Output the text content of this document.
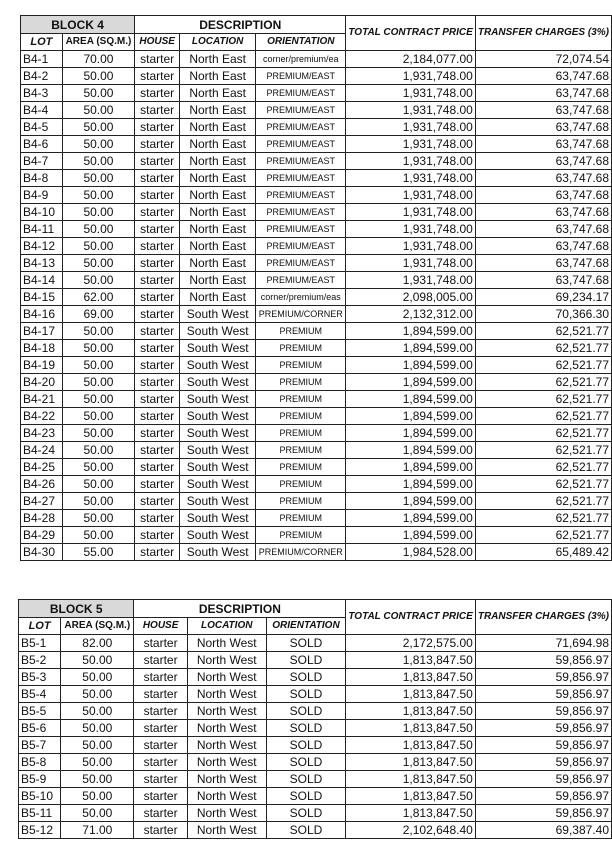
BLOCK 4		DESCRIPTION			TOTAL CONTRACT PRICE	TRANSFER CHARGES (3%)
LOT	AREA (SQ.M.)	HOUSE	LOCATION	ORIENTATION		
B4-1	70.00	starter	North East	corner/premium/ea	2,184,077.00	72,074.54
B4-2	50.00	starter	North East	PREMIUM/EAST	1,931,748.00	63,747.68
B4-3	50.00	starter	North East	PREMIUM/EAST	1,931,748.00	63,747.68
B4-4	50.00	starter	North East	PREMIUM/EAST	1,931,748.00	63,747.68
B4-5	50.00	starter	North East	PREMIUM/EAST	1,931,748.00	63,747.68
B4-6	50.00	starter	North East	PREMIUM/EAST	1,931,748.00	63,747.68
B4-7	50.00	starter	North East	PREMIUM/EAST	1,931,748.00	63,747.68
B4-8	50.00	starter	North East	PREMIUM/EAST	1,931,748.00	63,747.68
B4-9	50.00	starter	North East	PREMIUM/EAST	1,931,748.00	63,747.68
B4-10	50.00	starter	North East	PREMIUM/EAST	1,931,748.00	63,747.68
B4-11	50.00	starter	North East	PREMIUM/EAST	1,931,748.00	63,747.68
B4-12	50.00	starter	North East	PREMIUM/EAST	1,931,748.00	63,747.68
B4-13	50.00	starter	North East	PREMIUM/EAST	1,931,748.00	63,747.68
B4-14	50.00	starter	North East	PREMIUM/EAST	1,931,748.00	63,747.68
B4-15	62.00	starter	North East	corner/premium/eas	2,098,005.00	69,234.17
B4-16	69.00	starter	South West	PREMIUM/CORNER	2,132,312.00	70,366.30
B4-17	50.00	starter	South West	PREMIUM	1,894,599.00	62,521.77
B4-18	50.00	starter	South West	PREMIUM	1,894,599.00	62,521.77
B4-19	50.00	starter	South West	PREMIUM	1,894,599.00	62,521.77
B4-20	50.00	starter	South West	PREMIUM	1,894,599.00	62,521.77
B4-21	50.00	starter	South West	PREMIUM	1,894,599.00	62,521.77
B4-22	50.00	starter	South West	PREMIUM	1,894,599.00	62,521.77
B4-23	50.00	starter	South West	PREMIUM	1,894,599.00	62,521.77
B4-24	50.00	starter	South West	PREMIUM	1,894,599.00	62,521.77
B4-25	50.00	starter	South West	PREMIUM	1,894,599.00	62,521.77
B4-26	50.00	starter	South West	PREMIUM	1,894,599.00	62,521.77
B4-27	50.00	starter	South West	PREMIUM	1,894,599.00	62,521.77
B4-28	50.00	starter	South West	PREMIUM	1,894,599.00	62,521.77
B4-29	50.00	starter	South West	PREMIUM	1,894,599.00	62,521.77
B4-30	55.00	starter	South West	PREMIUM/CORNER	1,984,528.00	65,489.42
BLOCK 5		DESCRIPTION			TOTAL CONTRACT PRICE	TRANSFER CHARGES (3%)
LOT	AREA (SQ.M.)	HOUSE	LOCATION	ORIENTATION		
B5-1	82.00	starter	North West	SOLD	2,172,575.00	71,694.98
B5-2	50.00	starter	North West	SOLD	1,813,847.50	59,856.97
B5-3	50.00	starter	North West	SOLD	1,813,847.50	59,856.97
B5-4	50.00	starter	North West	SOLD	1,813,847.50	59,856.97
B5-5	50.00	starter	North West	SOLD	1,813,847.50	59,856.97
B5-6	50.00	starter	North West	SOLD	1,813,847.50	59,856.97
B5-7	50.00	starter	North West	SOLD	1,813,847.50	59,856.97
B5-8	50.00	starter	North West	SOLD	1,813,847.50	59,856.97
B5-9	50.00	starter	North West	SOLD	1,813,847.50	59,856.97
B5-10	50.00	starter	North West	SOLD	1,813,847.50	59,856.97
B5-11	50.00	starter	North West	SOLD	1,813,847.50	59,856.97
B5-12	71.00	starter	North West	SOLD	2,102,648.40	69,387.40
